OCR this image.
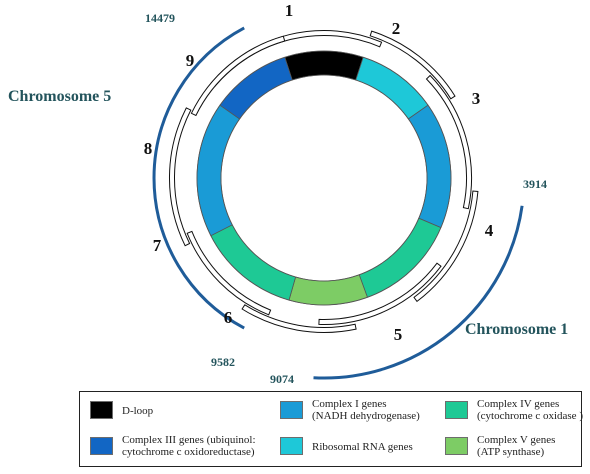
1
2
3
4
5
6
7
8
9
Chromosome 5
Chromosome 1
14479
9582
3914
9074
D-loop
Complex I genes
(NADH dehydrogenase)
Complex IV genes
(cytochrome c oxidase )
Complex III genes (ubiquinol:
cytochrome c oxidoreductase)	Ribosomal RNA genes
Complex V genes
(ATP synthase)
